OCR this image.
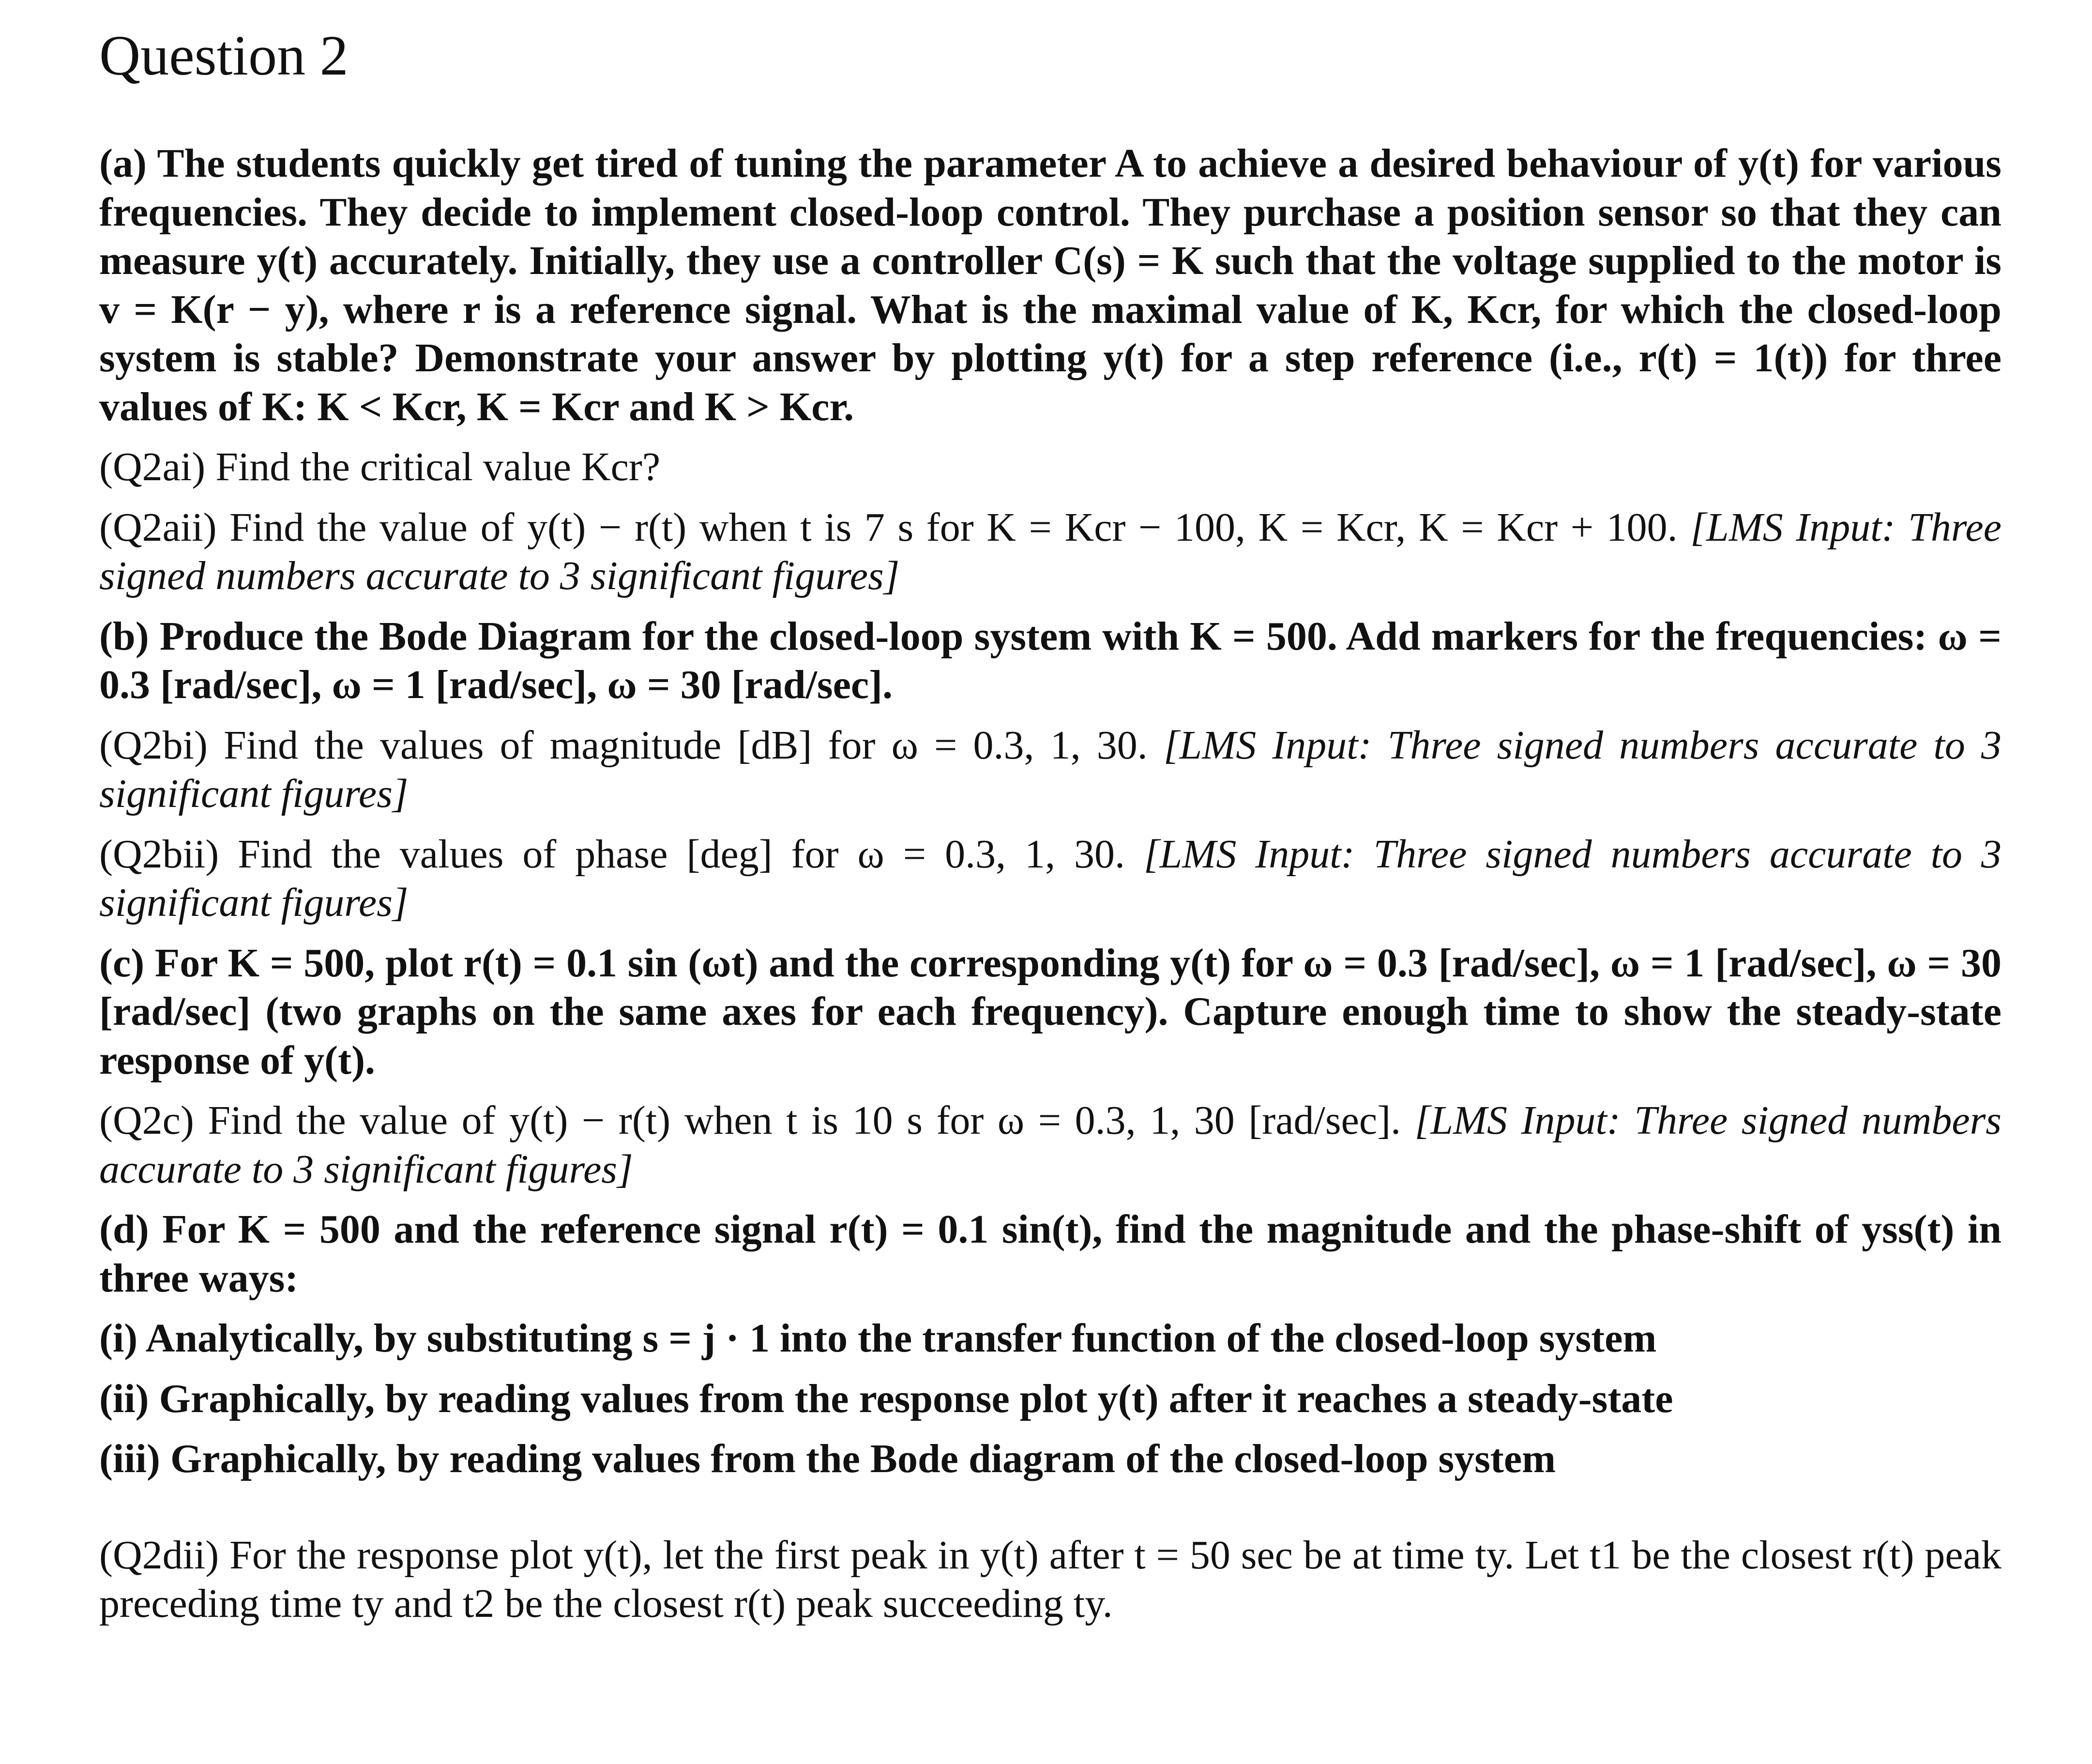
Question 2

(a) The students quickly get tired of tuning the parameter A to achieve a desired behaviour of y(t) for various frequencies. They decide to implement closed-loop control. They purchase a position sensor so that they can measure y(t) accurately. Initially, they use a controller C(s) = K such that the voltage supplied to the motor is v = K(r − y), where r is a reference signal. What is the maximal value of K, Kcr, for which the closed-loop system is stable? Demonstrate your answer by plotting y(t) for a step reference (i.e., r(t) = 1(t)) for three values of K: K < Kcr, K = Kcr and K > Kcr.

(Q2ai) Find the critical value Kcr?

(Q2aii) Find the value of y(t) − r(t) when t is 7 s for K = Kcr − 100, K = Kcr, K = Kcr + 100. [LMS Input: Three signed numbers accurate to 3 significant figures]

(b) Produce the Bode Diagram for the closed-loop system with K = 500. Add markers for the frequencies: ω = 0.3 [rad/sec], ω = 1 [rad/sec], ω = 30 [rad/sec].

(Q2bi) Find the values of magnitude [dB] for ω = 0.3, 1, 30. [LMS Input: Three signed numbers accurate to 3 significant figures]

(Q2bii) Find the values of phase [deg] for ω = 0.3, 1, 30. [LMS Input: Three signed numbers accurate to 3 significant figures]

(c) For K = 500, plot r(t) = 0.1 sin (ωt) and the corresponding y(t) for ω = 0.3 [rad/sec], ω = 1 [rad/sec], ω = 30 [rad/sec] (two graphs on the same axes for each frequency). Capture enough time to show the steady-state response of y(t).

(Q2c) Find the value of y(t) − r(t) when t is 10 s for ω = 0.3, 1, 30 [rad/sec]. [LMS Input: Three signed numbers accurate to 3 significant figures]

(d) For K = 500 and the reference signal r(t) = 0.1 sin(t), find the magnitude and the phase-shift of yss(t) in three ways:

(i) Analytically, by substituting s = j · 1 into the transfer function of the closed-loop system

(ii) Graphically, by reading values from the response plot y(t) after it reaches a steady-state

(iii) Graphically, by reading values from the Bode diagram of the closed-loop system

(Q2dii) For the response plot y(t), let the first peak in y(t) after t = 50 sec be at time ty. Let t1 be the closest r(t) peak preceding time ty and t2 be the closest r(t) peak succeeding ty.
